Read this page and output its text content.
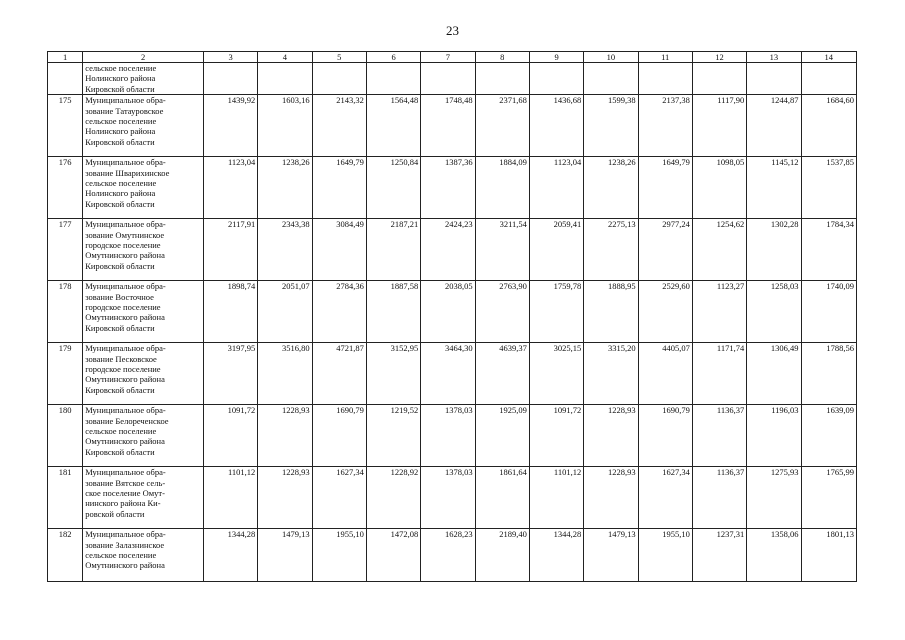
23
1	2	3	4	5	6	7	8	9	10	11	12	13	14
	сельское поселение
Нолинского района
Кировской области												
175	Муниципальное обра-
зование Татауровское
сельское поселение
Нолинского района
Кировской области	1439,92	1603,16	2143,32	1564,48	1748,48	2371,68	1436,68	1599,38	2137,38	1117,90	1244,87	1684,60
176	Муниципальное обра-
зование Шварихинское
сельское поселение
Нолинского района
Кировской области	1123,04	1238,26	1649,79	1250,84	1387,36	1884,09	1123,04	1238,26	1649,79	1098,05	1145,12	1537,85
177	Муниципальное обра-
зование Омутнинское
городское поселение
Омутнинского района
Кировской области	2117,91	2343,38	3084,49	2187,21	2424,23	3211,54	2059,41	2275,13	2977,24	1254,62	1302,28	1784,34
178	Муниципальное обра-
зование Восточное
городское поселение
Омутнинского района
Кировской области	1898,74	2051,07	2784,36	1887,58	2038,05	2763,90	1759,78	1888,95	2529,60	1123,27	1258,03	1740,09
179	Муниципальное обра-
зование Песковское
городское поселение
Омутнинского района
Кировской области	3197,95	3516,80	4721,87	3152,95	3464,30	4639,37	3025,15	3315,20	4405,07	1171,74	1306,49	1788,56
180	Муниципальное обра-
зование Белореченское
сельское поселение
Омутнинского района
Кировской области	1091,72	1228,93	1690,79	1219,52	1378,03	1925,09	1091,72	1228,93	1690,79	1136,37	1196,03	1639,09
181	Муниципальное обра-
зование Вятское сель-
ское поселение Омут-
нинского района Ки-
ровской области	1101,12	1228,93	1627,34	1228,92	1378,03	1861,64	1101,12	1228,93	1627,34	1136,37	1275,93	1765,99
182	Муниципальное обра-
зование Залазнинское
сельское поселение
Омутнинского района	1344,28	1479,13	1955,10	1472,08	1628,23	2189,40	1344,28	1479,13	1955,10	1237,31	1358,06	1801,13
